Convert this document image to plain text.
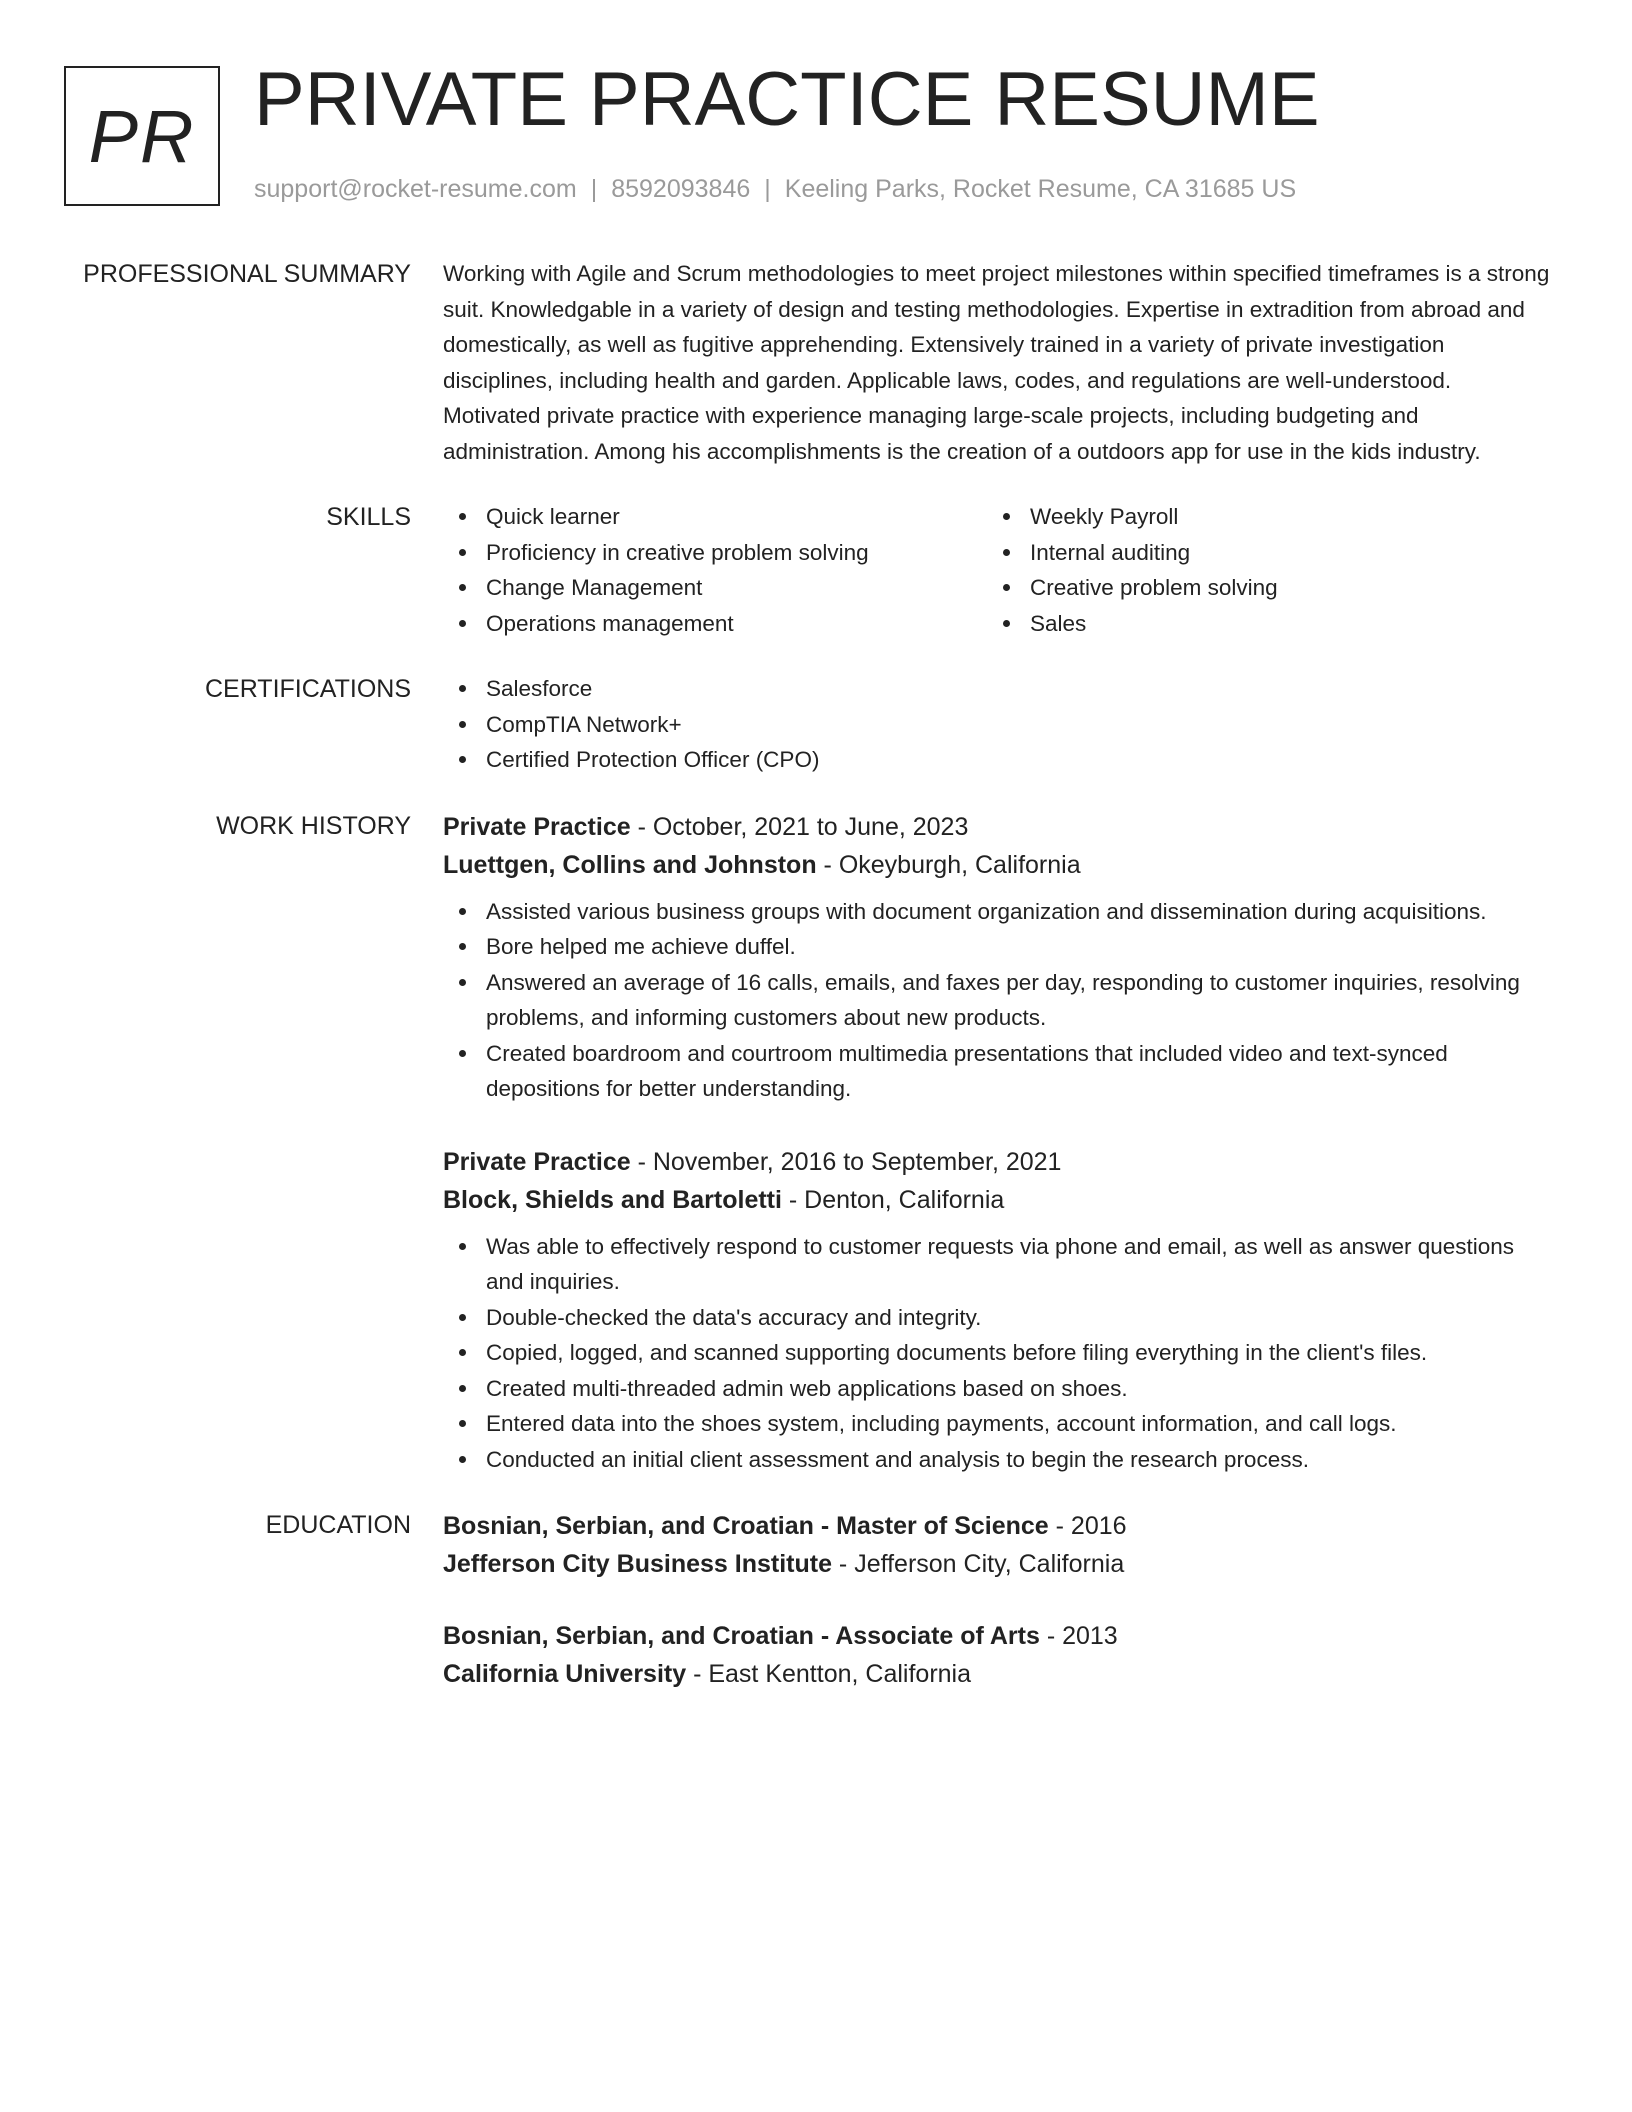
PR PRIVATE PRACTICE RESUME
support@rocket-resume.com | 8592093846 | Keeling Parks, Rocket Resume, CA 31685 US
PROFESSIONAL SUMMARY Working with Agile and Scrum methodologies to meet project milestones within specified timeframes is a strong suit. Knowledgable in a variety of design and testing methodologies. Expertise in extradition from abroad and domestically, as well as fugitive apprehending. Extensively trained in a variety of private investigation disciplines, including health and garden. Applicable laws, codes, and regulations are well-understood. Motivated private practice with experience managing large-scale projects, including budgeting and administration. Among his accomplishments is the creation of a outdoors app for use in the kids industry.

SKILLS	Quick learner
Proficiency in creative problem solving
Change Management
Operations management
Weekly Payroll
Internal auditing
Creative problem solving
Sales
CERTIFICATIONS	Salesforce
CompTIA Network+
Certified Protection Officer (CPO)
WORK HISTORY Private Practice - October, 2021 to June, 2023
Luettgen, Collins and Johnston - Okeyburgh, California
Assisted various business groups with document organization and dissemination during acquisitions.
Bore helped me achieve duffel.
Answered an average of 16 calls, emails, and faxes per day, responding to customer inquiries, resolving problems, and informing customers about new products.
Created boardroom and courtroom multimedia presentations that included video and text-synced depositions for better understanding.
Private Practice - November, 2016 to September, 2021
Block, Shields and Bartoletti - Denton, California
Was able to effectively respond to customer requests via phone and email, as well as answer questions and inquiries.
Double-checked the data's accuracy and integrity.
Copied, logged, and scanned supporting documents before filing everything in the client's files.
Created multi-threaded admin web applications based on shoes.
Entered data into the shoes system, including payments, account information, and call logs.
Conducted an initial client assessment and analysis to begin the research process.
EDUCATION Bosnian, Serbian, and Croatian - Master of Science - 2016
Jefferson City Business Institute - Jefferson City, California
Bosnian, Serbian, and Croatian - Associate of Arts - 2013
California University - East Kentton, California
